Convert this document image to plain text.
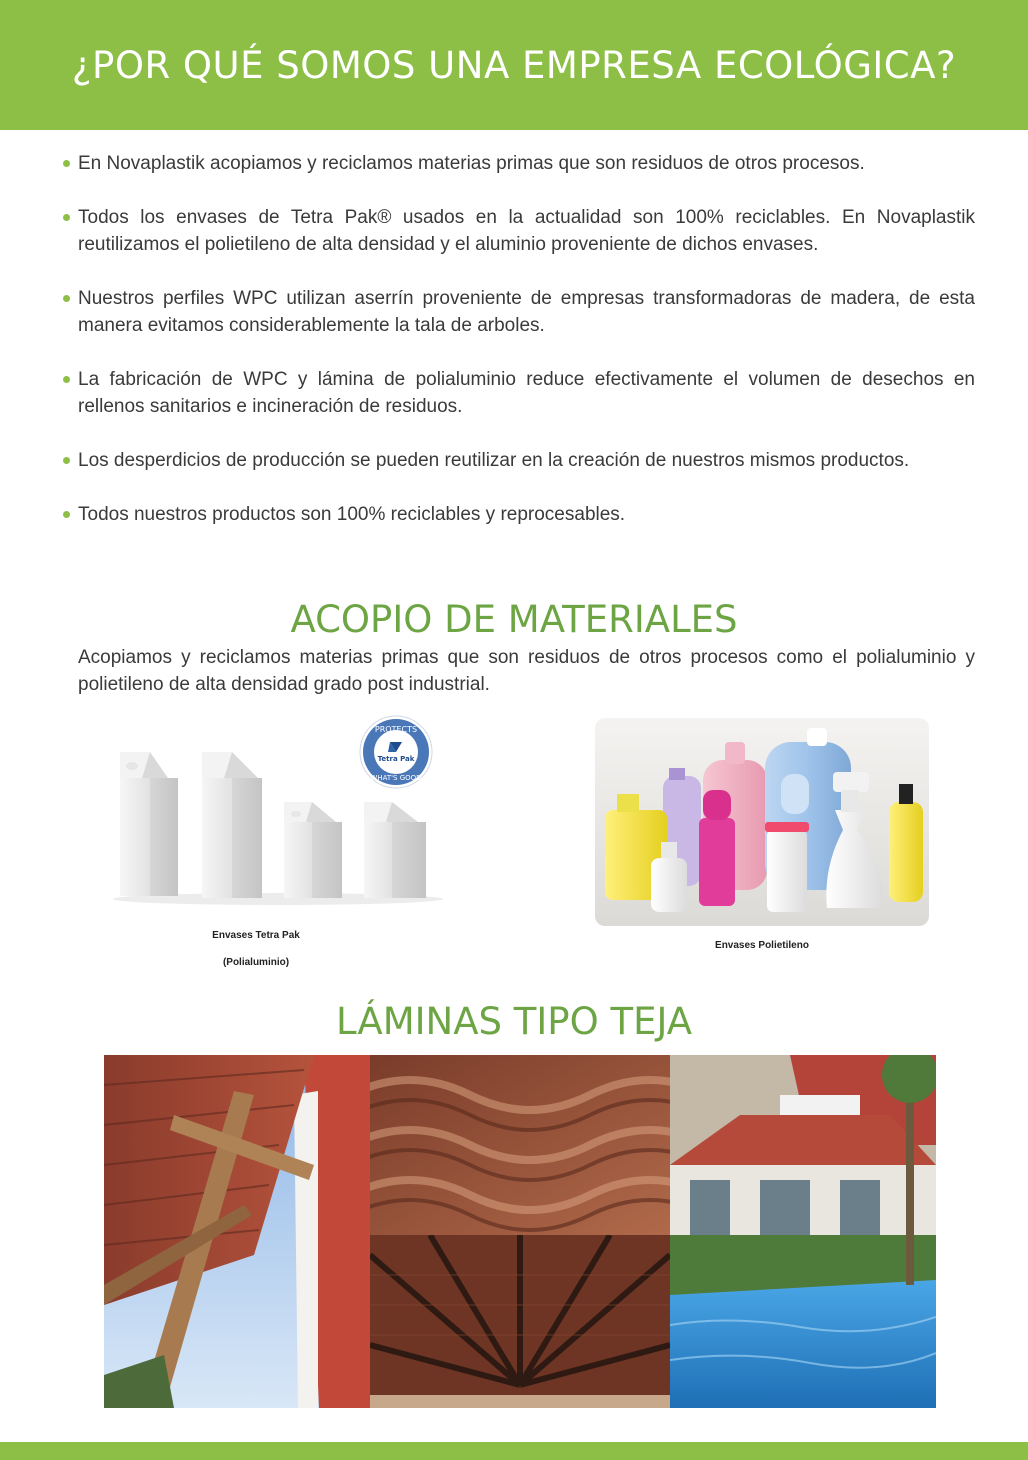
¿POR QUÉ SOMOS UNA EMPRESA ECOLÓGICA?
En Novaplastik acopiamos y reciclamos materias primas que son residuos de otros procesos.
Todos los envases de Tetra Pak® usados en la actualidad son 100% reciclables. En Novaplastik reutilizamos el polietileno de alta densidad y el aluminio proveniente de dichos envases.
Nuestros perfiles WPC utilizan aserrín proveniente de empresas transformadoras de madera, de esta manera evitamos considerablemente la tala de arboles.
La fabricación de WPC y lámina de polialuminio reduce efectivamente el volumen de desechos en rellenos sanitarios e incineración de residuos.
Los desperdicios de producción se pueden reutilizar en la creación de nuestros mismos productos.
Todos nuestros productos son 100% reciclables y reprocesables.
ACOPIO DE MATERIALES

Acopiamos y reciclamos materias primas que son residuos de otros procesos como el polialuminio y polietileno de alta densidad grado post industrial.

PROTECTS
WHAT'S GOOD
Tetra Pak
Envases Tetra Pak
(Polialuminio)
Envases Polietileno
LÁMINAS TIPO TEJA
